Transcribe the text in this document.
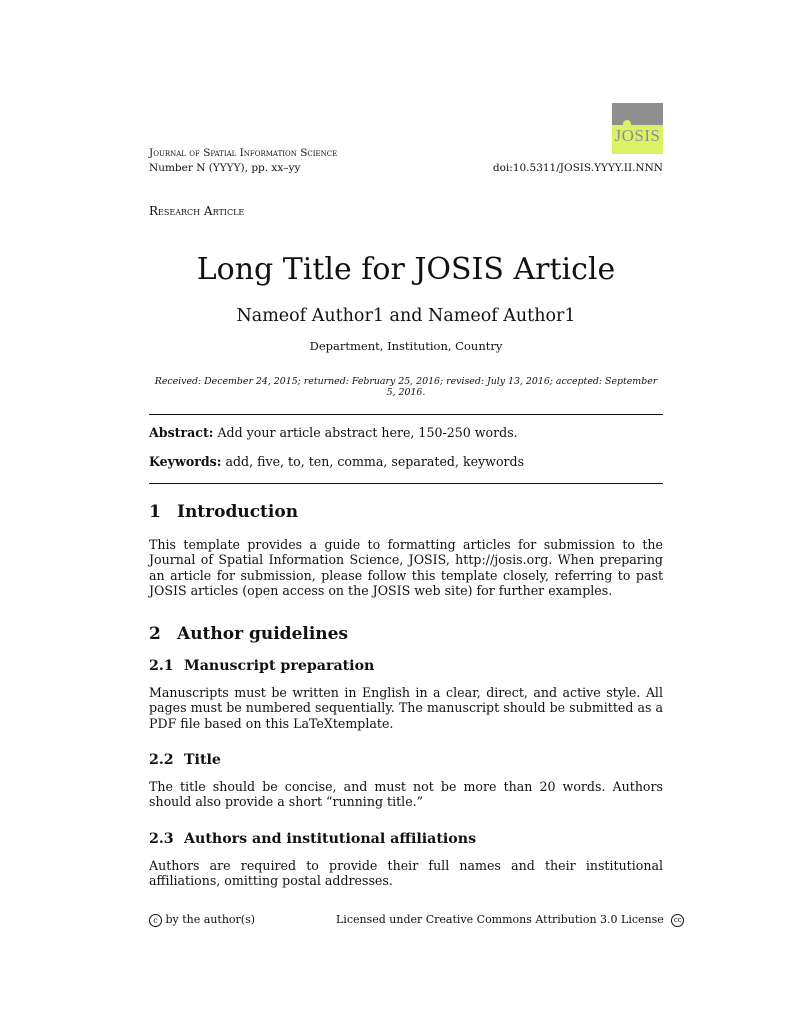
JOSIS
Journal of Spatial Information Science
Number N (YYYY), pp. xx–yy	doi:10.5311/JOSIS.YYYY.II.NNN
Research Article
Long Title for JOSIS Article
Nameof Author1 and Nameof Author1
Department, Institution, Country
Received: December 24, 2015; returned: February 25, 2016; revised: July 13, 2016; accepted: September 5, 2016.
Abstract: Add your article abstract here, 150-250 words.
Keywords: add, five, to, ten, comma, separated, keywords
1 Introduction
This template provides a guide to formatting articles for submission to the Journal of Spatial Information Science, JOSIS, http://josis.org. When preparing an article for submission, please follow this template closely, referring to past JOSIS articles (open access on the JOSIS web site) for further examples.
2 Author guidelines
2.1 Manuscript preparation
Manuscripts must be written in English in a clear, direct, and active style. All pages must be numbered sequentially. The manuscript should be submitted as a PDF file based on this LaTeXtemplate.
2.2 Title
The title should be concise, and must not be more than 20 words. Authors should also provide a short “running title.”
2.3 Authors and institutional affiliations
Authors are required to provide their full names and their institutional affiliations, omitting postal addresses.
c by the author(s)	Licensed under Creative Commons Attribution 3.0 License cc
